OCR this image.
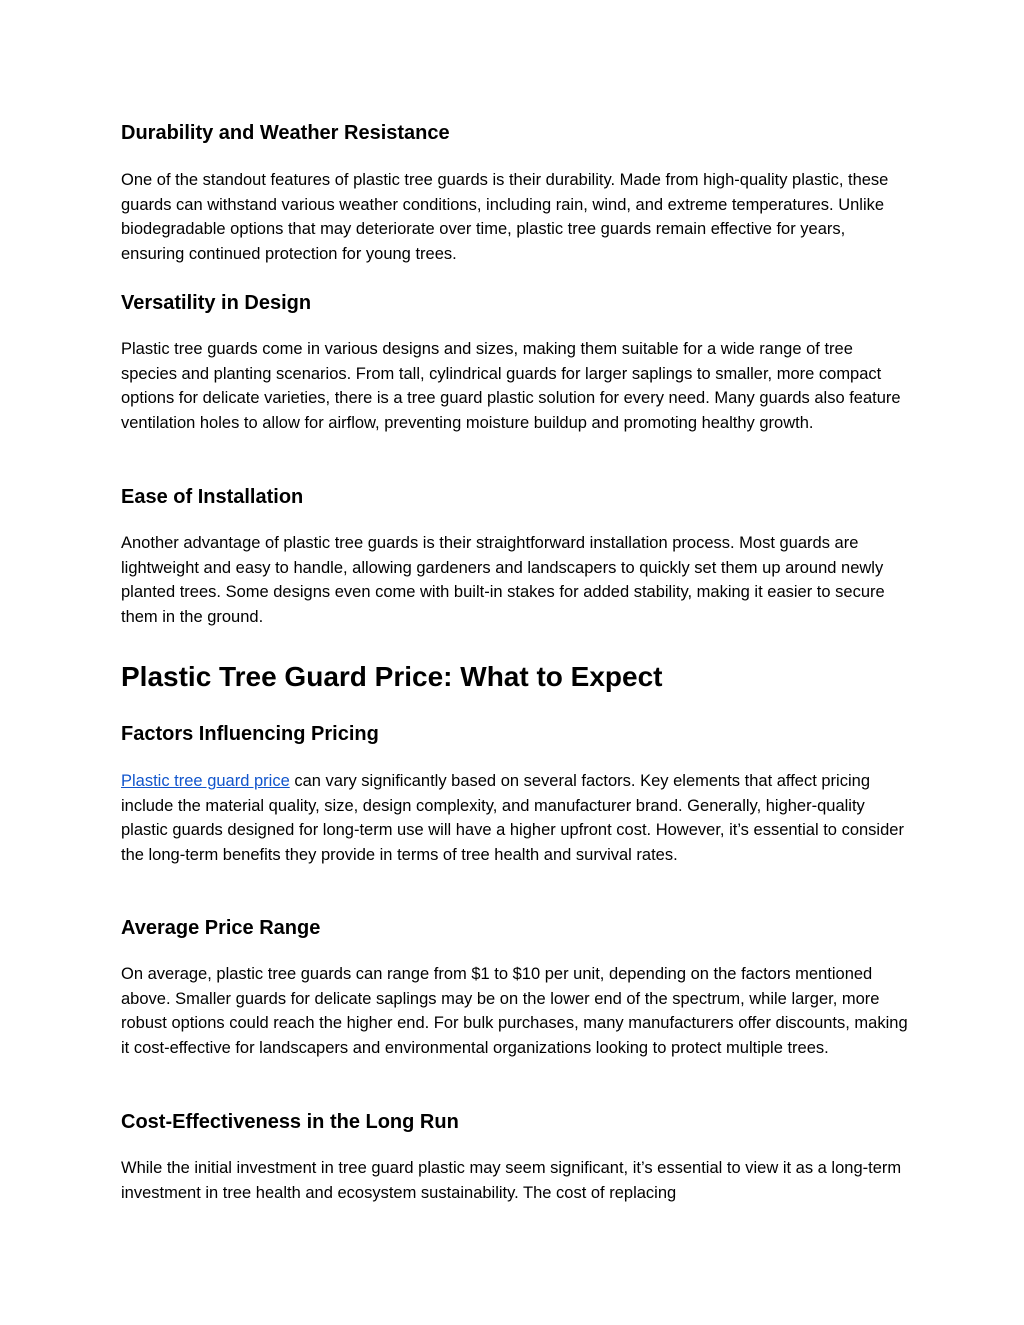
Durability and Weather Resistance

One of the standout features of plastic tree guards is their durability. Made from high-quality plastic, these guards can withstand various weather conditions, including rain, wind, and extreme temperatures. Unlike biodegradable options that may deteriorate over time, plastic tree guards remain effective for years, ensuring continued protection for young trees.

Versatility in Design

Plastic tree guards come in various designs and sizes, making them suitable for a wide range of tree species and planting scenarios. From tall, cylindrical guards for larger saplings to smaller, more compact options for delicate varieties, there is a tree guard plastic solution for every need. Many guards also feature ventilation holes to allow for airflow, preventing moisture buildup and promoting healthy growth.

Ease of Installation

Another advantage of plastic tree guards is their straightforward installation process. Most guards are lightweight and easy to handle, allowing gardeners and landscapers to quickly set them up around newly planted trees. Some designs even come with built-in stakes for added stability, making it easier to secure them in the ground.

Plastic Tree Guard Price: What to Expect
Factors Influencing Pricing

Plastic tree guard price can vary significantly based on several factors. Key elements that affect pricing include the material quality, size, design complexity, and manufacturer brand. Generally, higher-quality plastic guards designed for long-term use will have a higher upfront cost. However, it’s essential to consider the long-term benefits they provide in terms of tree health and survival rates.

Average Price Range

On average, plastic tree guards can range from $1 to $10 per unit, depending on the factors mentioned above. Smaller guards for delicate saplings may be on the lower end of the spectrum, while larger, more robust options could reach the higher end. For bulk purchases, many manufacturers offer discounts, making it cost-effective for landscapers and environmental organizations looking to protect multiple trees.

Cost-Effectiveness in the Long Run

While the initial investment in tree guard plastic may seem significant, it’s essential to view it as a long-term investment in tree health and ecosystem sustainability. The cost of replacing
